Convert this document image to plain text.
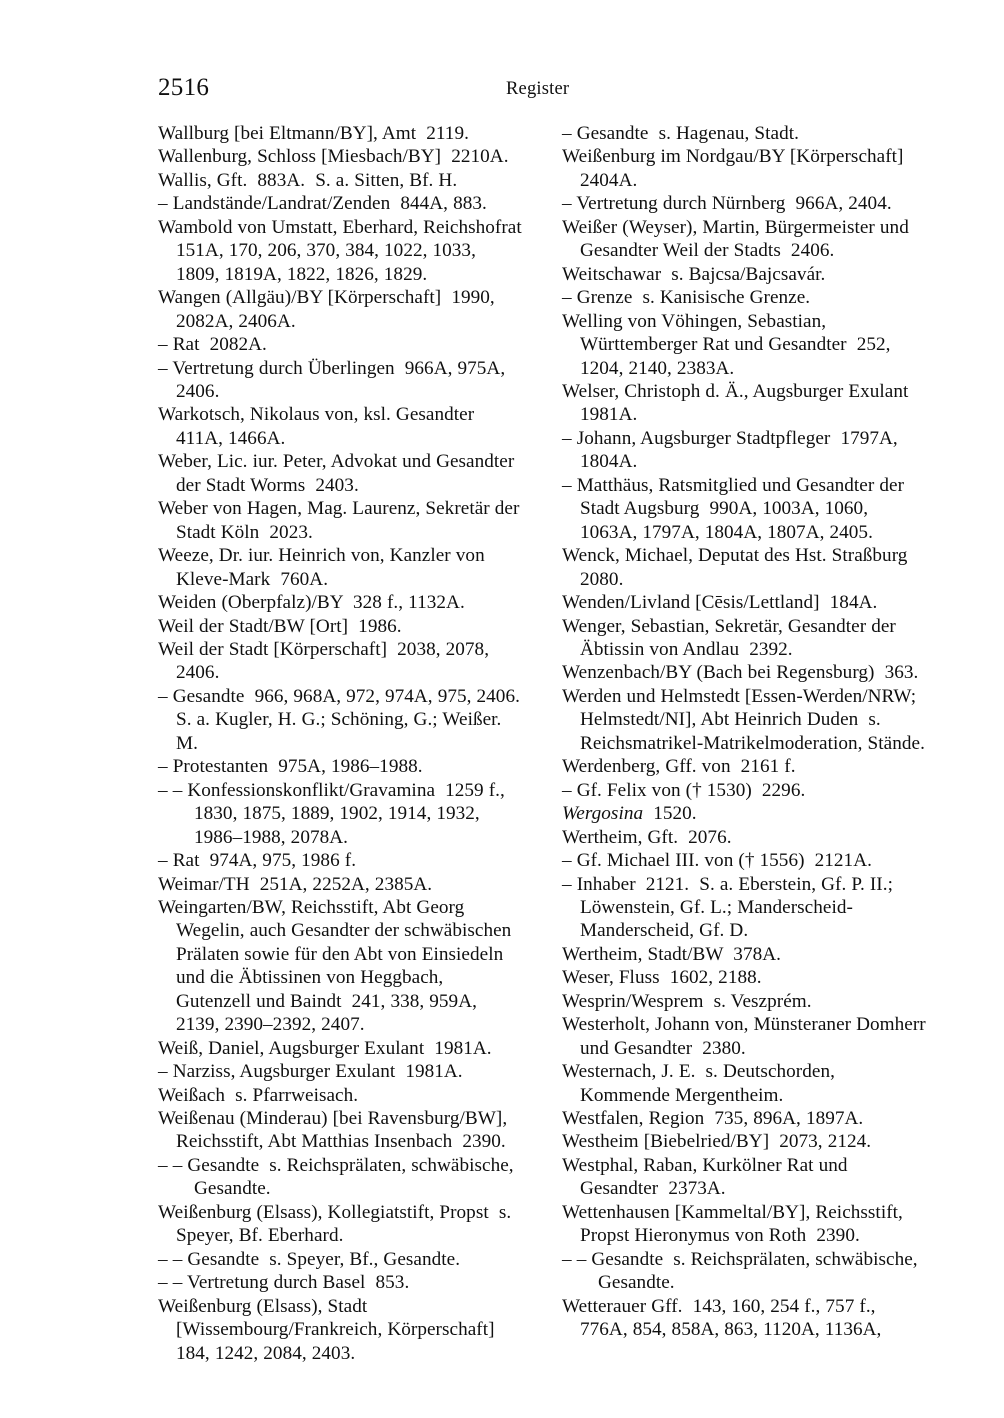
2516	Register

Wallburg [bei Eltmann/BY], Amt  2119.

Wallenburg, Schloss [Miesbach/BY]  2210A.

Wallis, Gft.  883A.  S. a. Sitten, Bf. H.

– Landstände/Landrat/Zenden  844A, 883.

Wambold von Umstatt, Eberhard, Reichshofrat  151A, 170, 206, 370, 384, 1022, 1033, 1809, 1819A, 1822, 1826, 1829.

Wangen (Allgäu)/BY [Körperschaft]  1990, 2082A, 2406A.

– Rat  2082A.

– Vertretung durch Überlingen  966A, 975A, 2406.

Warkotsch, Nikolaus von, ksl. Gesandter  411A, 1466A.

Weber, Lic. iur. Peter, Advokat und Gesandter der Stadt Worms  2403.

Weber von Hagen, Mag. Laurenz, Sekretär der Stadt Köln  2023.

Weeze, Dr. iur. Heinrich von, Kanzler von Kleve-Mark  760A.

Weiden (Oberpfalz)/BY  328 f., 1132A.

Weil der Stadt/BW [Ort]  1986.

Weil der Stadt [Körperschaft]  2038, 2078, 2406.

– Gesandte  966, 968A, 972, 974A, 975, 2406.  S. a. Kugler, H. G.; Schöning, G.; Weißer. M.

– Protestanten  975A, 1986–1988.

– – Konfessionskonflikt/Gravamina  1259 f., 1830, 1875, 1889, 1902, 1914, 1932, 1986–1988, 2078A.

– Rat  974A, 975, 1986 f.

Weimar/TH  251A, 2252A, 2385A.

Weingarten/BW, Reichsstift, Abt Georg Wegelin, auch Gesandter der schwäbischen Prälaten sowie für den Abt von Einsiedeln und die Äbtissinen von Heggbach, Gutenzell und Baindt  241, 338, 959A, 2139, 2390–2392, 2407.

Weiß, Daniel, Augsburger Exulant  1981A.

– Narziss, Augsburger Exulant  1981A.

Weißach  s. Pfarrweisach.

Weißenau (Minderau) [bei Ravensburg/BW], Reichsstift, Abt Matthias Insenbach  2390.

– – Gesandte  s. Reichsprälaten, schwäbische, Gesandte.

Weißenburg (Elsass), Kollegiatstift, Propst  s. Speyer, Bf. Eberhard.

– – Gesandte  s. Speyer, Bf., Gesandte.

– – Vertretung durch Basel  853.

Weißenburg (Elsass), Stadt [Wissembourg/Frankreich, Körperschaft]  184, 1242, 2084, 2403.

– Gesandte  s. Hagenau, Stadt.

Weißenburg im Nordgau/BY [Körperschaft]  2404A.

– Vertretung durch Nürnberg  966A, 2404.

Weißer (Weyser), Martin, Bürgermeister und Gesandter Weil der Stadts  2406.

Weitschawar  s. Bajcsa/Bajcsavár.

– Grenze  s. Kanisische Grenze.

Welling von Vöhingen, Sebastian, Württemberger Rat und Gesandter  252, 1204, 2140, 2383A.

Welser, Christoph d. Ä., Augsburger Exulant  1981A.

– Johann, Augsburger Stadtpfleger  1797A, 1804A.

– Matthäus, Ratsmitglied und Gesandter der Stadt Augsburg  990A, 1003A, 1060, 1063A, 1797A, 1804A, 1807A, 2405.

Wenck, Michael, Deputat des Hst. Straßburg  2080.

Wenden/Livland [Cēsis/Lettland]  184A.

Wenger, Sebastian, Sekretär, Gesandter der Äbtissin von Andlau  2392.

Wenzenbach/BY (Bach bei Regensburg)  363.

Werden und Helmstedt [Essen-Werden/NRW; Helmstedt/NI], Abt Heinrich Duden  s. Reichsmatrikel-Matrikelmoderation, Stände.

Werdenberg, Gff. von  2161 f.

– Gf. Felix von († 1530)  2296.

Wergosina  1520.

Wertheim, Gft.  2076.

– Gf. Michael III. von († 1556)  2121A.

– Inhaber  2121.  S. a. Eberstein, Gf. P. II.; Löwenstein, Gf. L.; Manderscheid-Manderscheid, Gf. D.

Wertheim, Stadt/BW  378A.

Weser, Fluss  1602, 2188.

Wesprin/Wesprem  s. Veszprém.

Westerholt, Johann von, Münsteraner Domherr und Gesandter  2380.

Westernach, J. E.  s. Deutschorden, Kommende Mergentheim.

Westfalen, Region  735, 896A, 1897A.

Westheim [Biebelried/BY]  2073, 2124.

Westphal, Raban, Kurkölner Rat und Gesandter  2373A.

Wettenhausen [Kammeltal/BY], Reichsstift, Propst Hieronymus von Roth  2390.

– – Gesandte  s. Reichsprälaten, schwäbische, Gesandte.

Wetterauer Gff.  143, 160, 254 f., 757 f., 776A, 854, 858A, 863, 1120A, 1136A,
